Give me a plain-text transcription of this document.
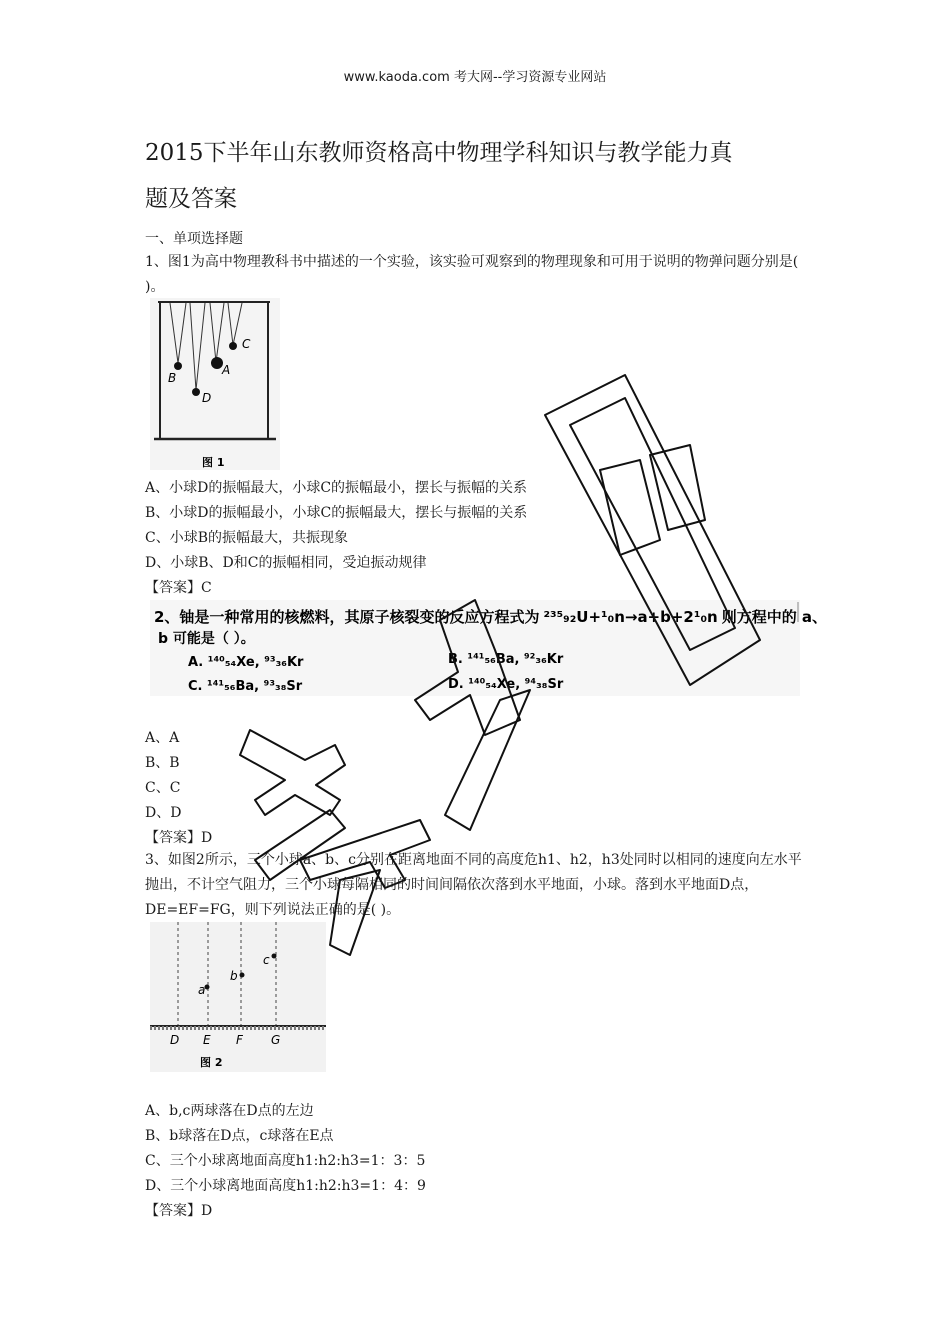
www.kaoda.com 考大网--学习资源专业网站
2015下半年山东教师资格高中物理学科知识与教学能力真
题及答案
一、单项选择题
1、图1为高中物理教科书中描述的一个实验，该实验可观察到的物理现象和可用于说明的物弹问题分别是( )。
B
D
A
C
图 1
A、小球D的振幅最大，小球C的振幅最小，摆长与振幅的关系
B、小球D的振幅最小，小球C的振幅最大，摆长与振幅的关系
C、小球B的振幅最大，共振现象
D、小球B、D和C的振幅相同，受迫振动规律
【答案】C
2、铀是一种常用的核燃料，其原子核裂变的反应方程式为 ²³⁵₉₂U+¹₀n→a+b+2¹₀n 则方程中的 a、
b 可能是（ ）。
A. ¹⁴⁰₅₄Xe, ⁹³₃₆Kr	B. ¹⁴¹₅₆Ba, ⁹²₃₆Kr
C. ¹⁴¹₅₆Ba, ⁹³₃₈Sr	D. ¹⁴⁰₅₄Xe, ⁹⁴₃₈Sr
A、A
B、B
C、C
D、D
【答案】D
3、如图2所示，三个小球a、b、c分别在距离地面不同的高度危h1、h2，h3处同时以相同的速度向左水平抛出，不计空气阻力，三个小球每隔相同的时间间隔依次落到水平地面，小球。落到水平地面D点，DE=EF=FG，则下列说法正确的是( )。
a
b
c
D E F G
图 2
A、b,c两球落在D点的左边
B、b球落在D点，c球落在E点
C、三个小球离地面高度h1:h2:h3=1：3：5
D、三个小球离地面高度h1:h2:h3=1：4：9
【答案】D
考大网
